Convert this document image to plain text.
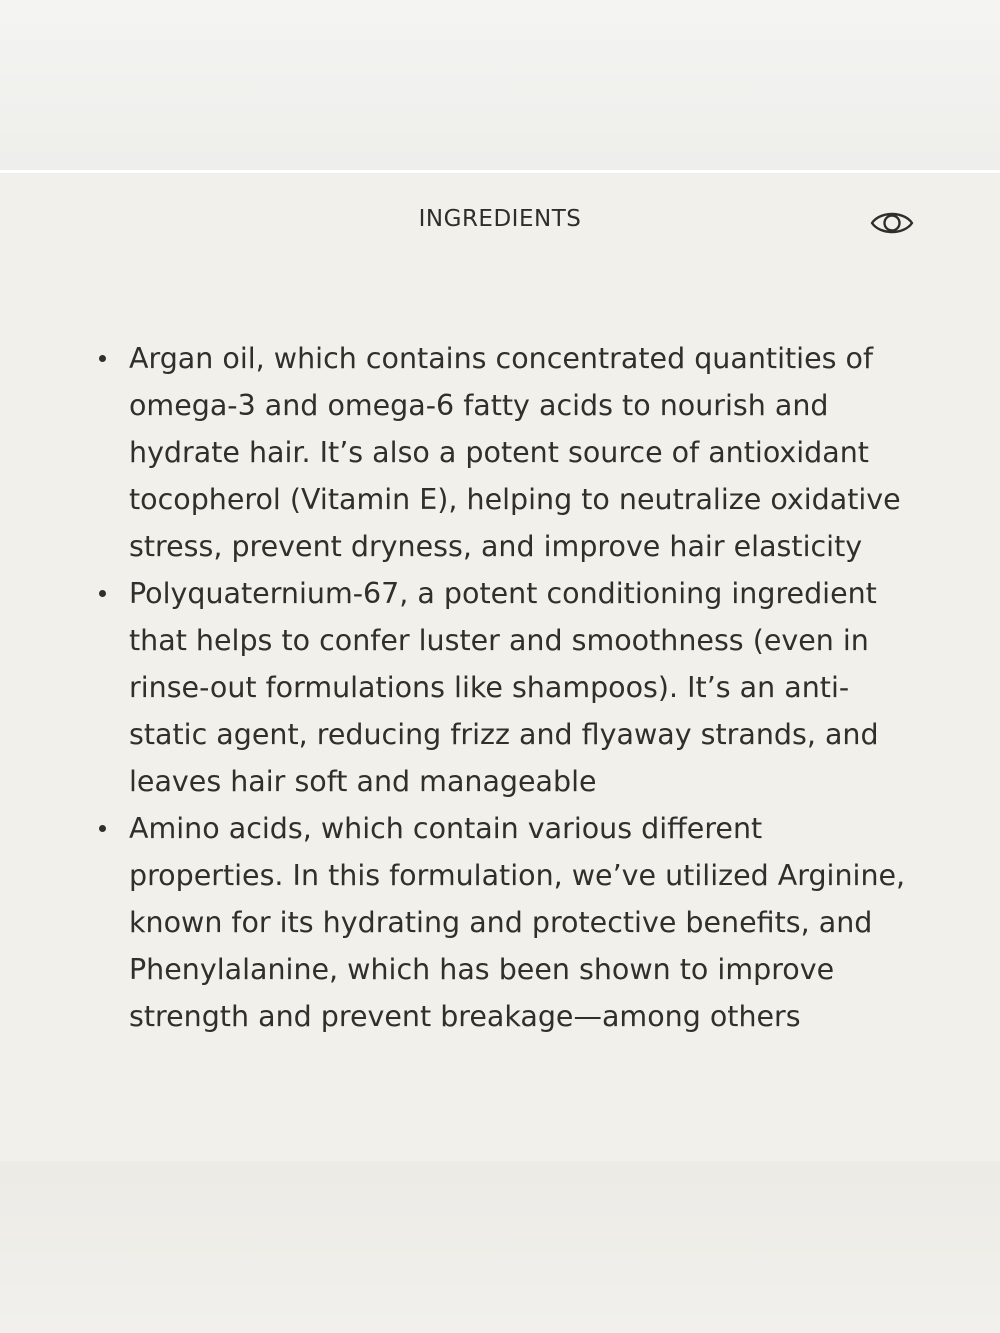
INGREDIENTS
Argan oil, which contains concentrated quantities of omega-3 and omega-6 fatty acids to nourish and hydrate hair. It’s also a potent source of antioxidant tocopherol (Vitamin E), helping to neutralize oxidative stress, prevent dryness, and improve hair elasticity
Polyquaternium-67, a potent conditioning ingredient that helps to confer luster and smoothness (even in rinse-out formulations like shampoos). It’s an anti-static agent, reducing frizz and flyaway strands, and leaves hair soft and manageable
Amino acids, which contain various different properties. In this formulation, we’ve utilized Arginine, known for its hydrating and protective benefits, and Phenylalanine, which has been shown to improve strength and prevent breakage—among others
